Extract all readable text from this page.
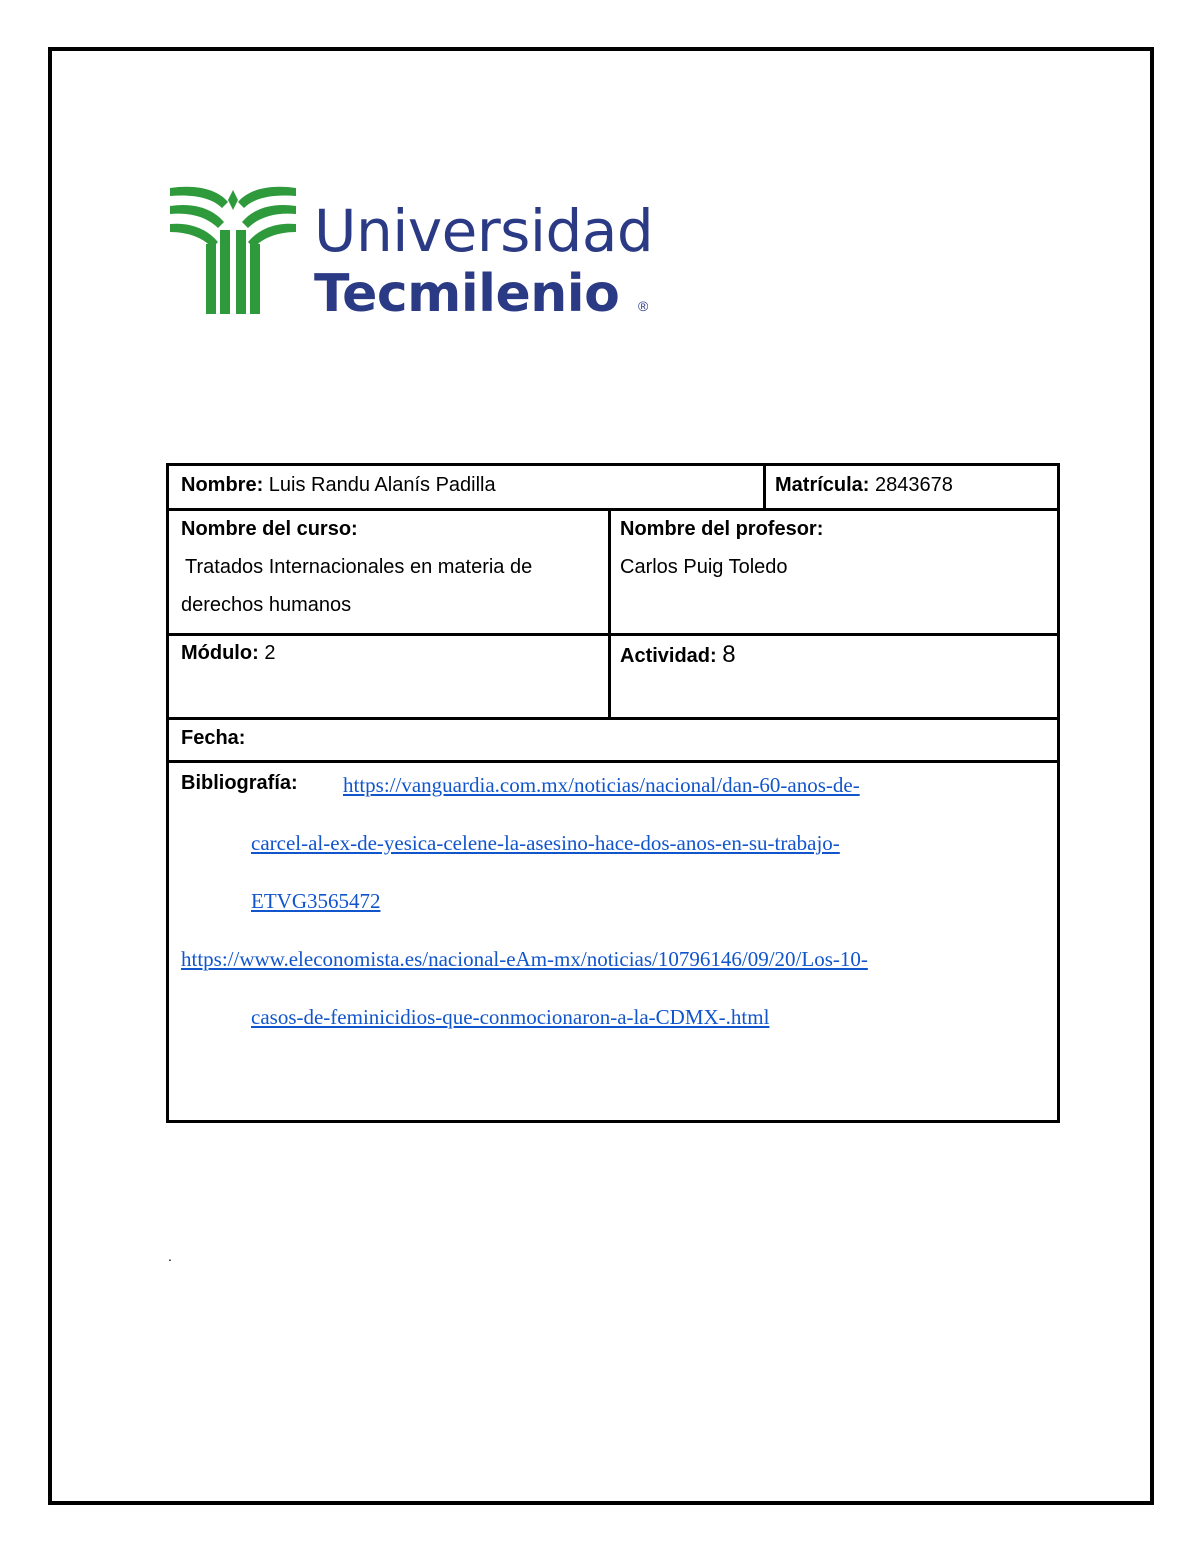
Universidad
Tecmilenio ®
Nombre: Luis Randu Alanís Padilla	Matrícula: 2843678
Nombre del curso:
Tratados Internacionales en materia de
derechos humanos
Nombre del profesor:
Carlos Puig Toledo
Módulo: 2	Actividad: 8
Fecha:
Bibliografía: https://vanguardia.com.mx/noticias/nacional/dan-60-anos-de-
carcel-al-ex-de-yesica-celene-la-asesino-hace-dos-anos-en-su-trabajo-
ETVG3565472
https://www.eleconomista.es/nacional-eAm-mx/noticias/10796146/09/20/Los-10-
casos-de-feminicidios-que-conmocionaron-a-la-CDMX-.html
.
